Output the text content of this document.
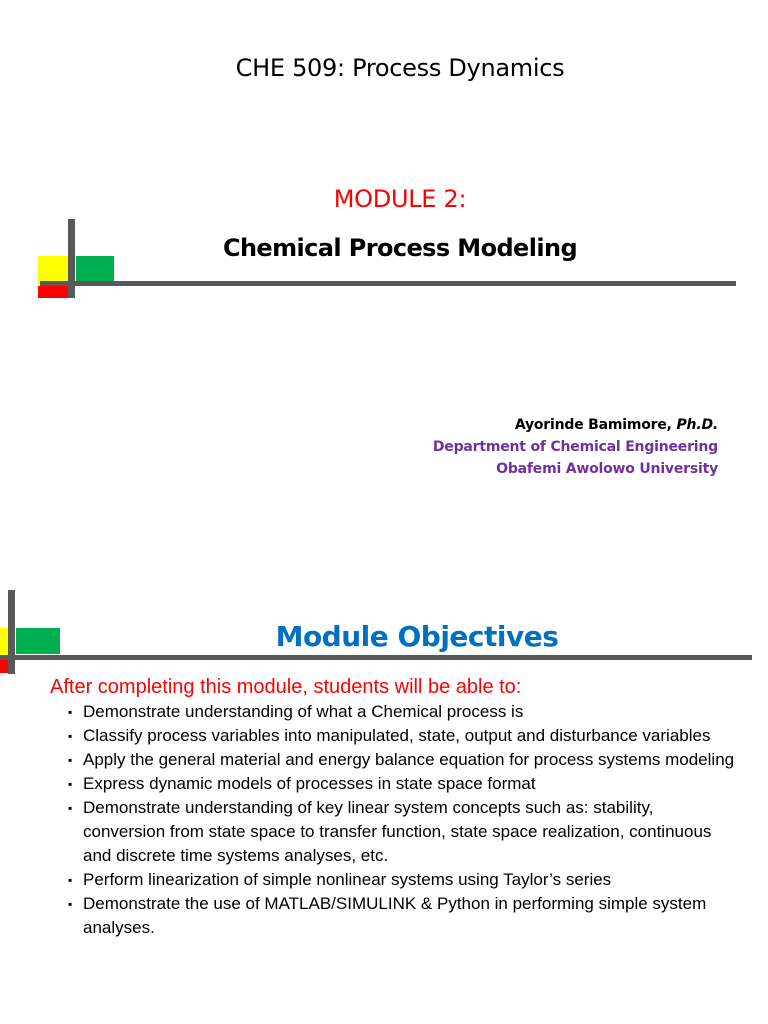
CHE 509: Process Dynamics
MODULE 2:
Chemical Process Modeling
Ayorinde Bamimore, Ph.D.
Department of Chemical Engineering
Obafemi Awolowo University
Module Objectives
After completing this module, students will be able to:
▪ Demonstrate understanding of what a Chemical process is
▪ Classify process variables into manipulated, state, output and disturbance variables
▪ Apply the general material and energy balance equation for process systems modeling
▪ Express dynamic models of processes in state space format
▪ Demonstrate understanding of key linear system concepts such as: stability, conversion from state space to transfer function, state space realization, continuous and discrete time systems analyses, etc.
▪ Perform linearization of simple nonlinear systems using Taylor’s series
▪ Demonstrate the use of MATLAB/SIMULINK & Python in performing simple system analyses.
